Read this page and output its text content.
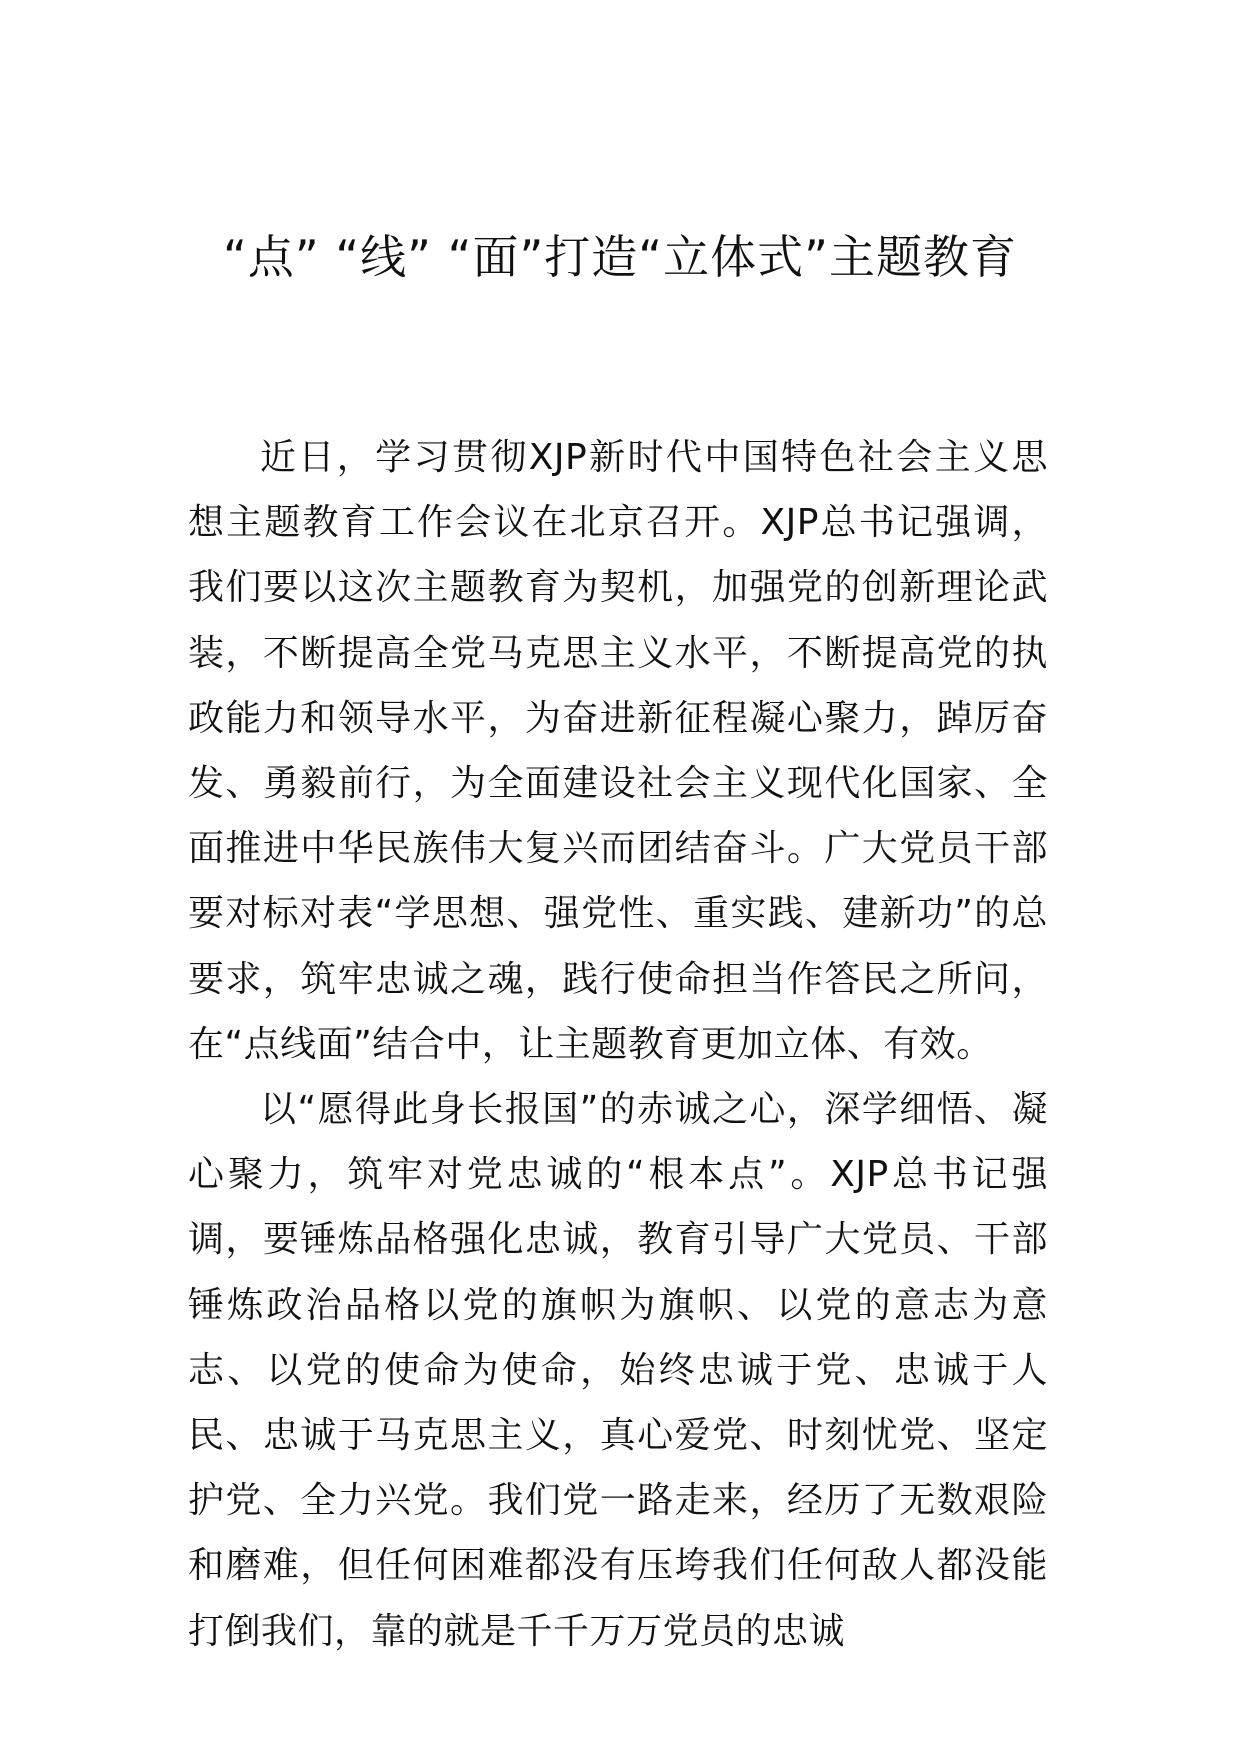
“点” “线” “面”打造“立体式”主题教育

近日，学习贯彻XJP新时代中国特色社会主义思想主题教育工作会议在北京召开。XJP总书记强调，我们要以这次主题教育为契机，加强党的创新理论武装，不断提高全党马克思主义水平，不断提高党的执政能力和领导水平，为奋进新征程凝心聚力，踔厉奋发、勇毅前行，为全面建设社会主义现代化国家、全面推进中华民族伟大复兴而团结奋斗。广大党员干部要对标对表“学思想、强党性、重实践、建新功”的总要求，筑牢忠诚之魂，践行使命担当作答民之所问，在“点线面”结合中，让主题教育更加立体、有效。

以“愿得此身长报国”的赤诚之心，深学细悟、凝心聚力，筑牢对党忠诚的“根本点”。XJP总书记强调，要锤炼品格强化忠诚，教育引导广大党员、干部锤炼政治品格以党的旗帜为旗帜、以党的意志为意志、以党的使命为使命，始终忠诚于党、忠诚于人民、忠诚于马克思主义，真心爱党、时刻忧党、坚定护党、全力兴党。我们党一路走来，经历了无数艰险和磨难，但任何困难都没有压垮我们任何敌人都没能打倒我们，靠的就是千千万万党员的忠诚
